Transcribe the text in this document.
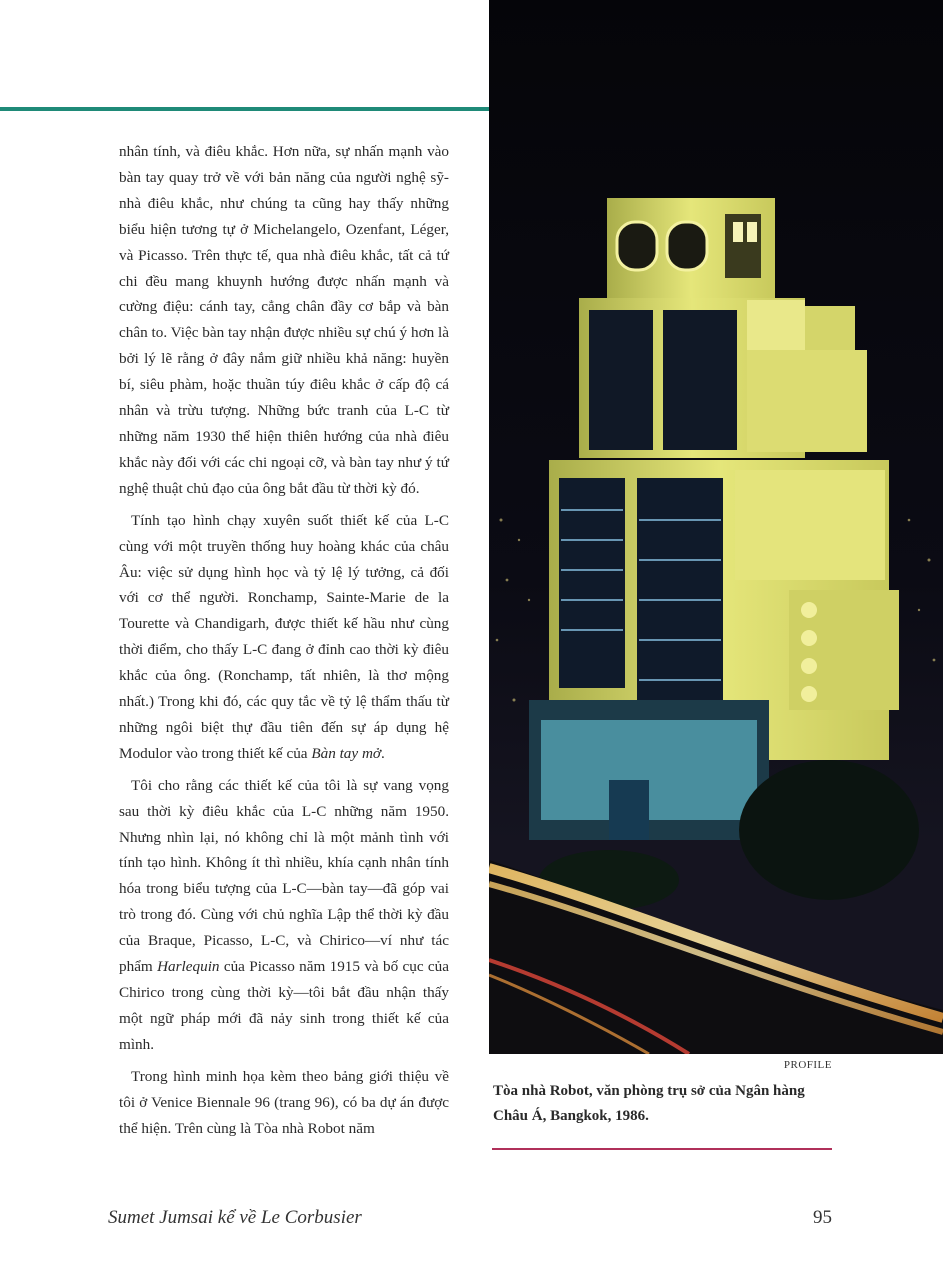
nhân tính, và điêu khắc. Hơn nữa, sự nhấn mạnh vào bàn tay quay trở về với bản năng của người nghệ sỹ-nhà điêu khắc, như chúng ta cũng hay thấy những biểu hiện tương tự ở Michelangelo, Ozenfant, Léger, và Picasso. Trên thực tế, qua nhà điêu khắc, tất cả tứ chi đều mang khuynh hướng được nhấn mạnh và cường điệu: cánh tay, cẳng chân đầy cơ bắp và bàn chân to. Việc bàn tay nhận được nhiều sự chú ý hơn là bởi lý lẽ rằng ở đây nắm giữ nhiều khả năng: huyền bí, siêu phàm, hoặc thuần túy điêu khắc ở cấp độ cá nhân và trừu tượng. Những bức tranh của L-C từ những năm 1930 thể hiện thiên hướng của nhà điêu khắc này đối với các chi ngoại cỡ, và bàn tay như ý tứ nghệ thuật chủ đạo của ông bắt đầu từ thời kỳ đó.

Tính tạo hình chạy xuyên suốt thiết kế của L-C cùng với một truyền thống huy hoàng khác của châu Âu: việc sử dụng hình học và tỷ lệ lý tưởng, cả đối với cơ thể người. Ronchamp, Sainte-Marie de la Tourette và Chandigarh, được thiết kế hầu như cùng thời điểm, cho thấy L-C đang ở đỉnh cao thời kỳ điêu khắc của ông. (Ronchamp, tất nhiên, là thơ mộng nhất.) Trong khi đó, các quy tắc về tỷ lệ thẩm thấu từ những ngôi biệt thự đầu tiên đến sự áp dụng hệ Modulor vào trong thiết kế của Bàn tay mở.

Tôi cho rằng các thiết kế của tôi là sự vang vọng sau thời kỳ điêu khắc của L-C những năm 1950. Nhưng nhìn lại, nó không chỉ là một mảnh tình với tính tạo hình. Không ít thì nhiều, khía cạnh nhân tính hóa trong biểu tượng của L-C—bàn tay—đã góp vai trò trong đó. Cùng với chủ nghĩa Lập thể thời kỳ đầu của Braque, Picasso, L-C, và Chirico—ví như tác phẩm Harlequin của Picasso năm 1915 và bố cục của Chirico trong cùng thời kỳ—tôi bắt đầu nhận thấy một ngữ pháp mới đã nảy sinh trong thiết kế của mình.

Trong hình minh họa kèm theo bảng giới thiệu về tôi ở Venice Biennale 96 (trang 96), có ba dự án được thể hiện. Trên cùng là Tòa nhà Robot năm

PROFILE
Tòa nhà Robot, văn phòng trụ sở của Ngân hàng Châu Á, Bangkok, 1986.
Sumet Jumsai kể về Le Corbusier	95
